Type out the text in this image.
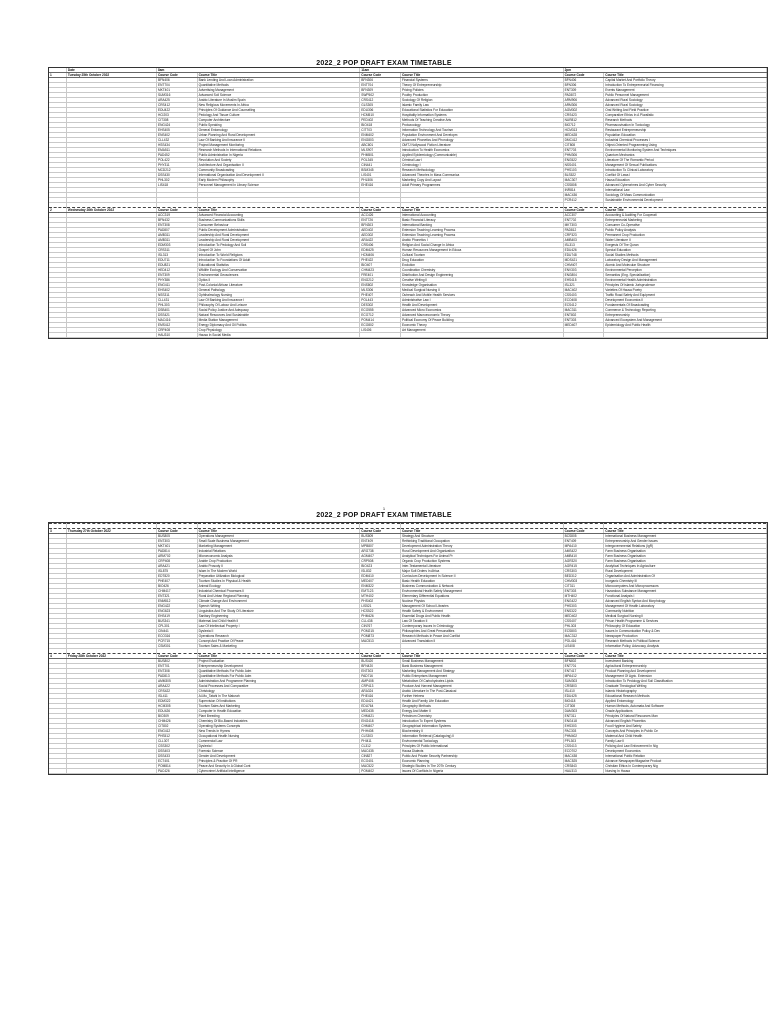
2022_2 POP DRAFT EXAM TIMETABLE
	Date	8am		11am		2pm	
1	Tuesday 25th October 2022	Course Code	Course Title	Course Code	Course Title	Course Code	Course Title
		BFN406	Bank Lending And Loan Administration	BFN306	Financial Systems	BFN406	Capital Market And Portfolio Theory
		ENT704	Quantitative Methods	ENT704	Theory Of Entrepreneurship	BFN306	Introduction To Entrepreneurial Financing
		MKT401	Advertising Management	BFN309	Pricing Policies	ENT309	Events Management
		SUM316	Advanced Soil Science	SWP502	Poultry Production	PAD872	Public Personnel Management
		ARA425	Arabic Literature In Muslim Spain	CRS412	Sociology Of Religion	ARM906	Advanced Rural Sociology
		CRS412	New Religious Movements In Africa	GLS305	Islamic Family Law	ARM306	Advanced Rural Sociology
		EDU422	Principles Of Guidance And Counselling	EDU306	Educational Statistics For Education	AGM302	Oral Writing And Field Practice
		HCI203	Pedology And Tissue Culture	HCM510	Hospitality Information Systems	CRS423	Comparative Ethics In A Pluralistic
		CIT308	Computer Architecture	PED402	Methods Of Teaching Creative Arts	NUR812	Research Methods
		ENG424	Public Speaking	BIO418	Protozoology	BIO712	Pharmacovisation In Toxicology
		EHS405	General Entomology	CIT703	Information Technology And Tourism	HCM313	Restaurant Entrepreneurship
		ENS402	Urban Planning And Rural Development	ENM402	Population Environment And Developm	MED428	Population Education
		CLL432	Law Of Banking And Insurance II	ENG803	Advanced Phonetics And Phonology	DMC412	Industrial Chemical Processes I
		HSS434	Project Management Monitoring	ABC801	OMTJ Nollywood Fiction Literature	CIT808	Object-Oriented Programming Using
		EMA511	Research Methods In International Relations	MLS907	Introduction To Health Economics	ENT703	Environmental Monitoring System And Techniques
		PAD452	Public Administration In Nigeria	PHM501	Applied Epidemiology (Communicable)	PHM306	Quantum Mechanics
		POL422	Revolution And Society	POL345	Criminal Law I	ENG522	Literature Of The Romantic Period
		PHY311	Architecture And Organisation II	CIN441	Criminology I	NSS401	Management Of Sexual Publications
		MCD212	Community Broadcasting	BSM345	Research Methodology	PHS103	Introduction To Clinical Laboratory
		DSS430	International Organization And Development II	LIS401	Advanced Theories In Mass Communica	BLS522	Conflict Of Laws I
		PHL302	Early Modern Philosophy	PHL506	Marketing Copy And Layout	MAC307	Hausa Education
		LIS418	Personnel Management In Library Science	EHE416	Adult Primary Programmes	CSS808	Advanced Cybercrimes And Cyber Security
						INR814	International Law
						MAC436	Sociology Of Mass Communication
						PCR412	Sustainable Environmental Development

2	Wednesday 26th October 2022	Course Code	Course Title	Course Code	Course Title	Course Code	Course Title
		ACC319	Advanced Financial Accounting	ACC426	International Accounting	ACC307	Accounting & Auditing For Cooperati
		BFN432	Business Communications Skills	ENT726	Basic Financial Literacy	ENT702	Entrepreneurial Marketing
		ENT308	Consumer Behaviour	BFN303	International Banking	MKT303	Consumer Co-Operative
		PAD807	Public Development Administration	AED402	Extension Teaching Learning Process	PAD812	Public Policy Analysis
		AMB311	Leadership And Rural Development	AED302	Extension Teaching Learning Process	CRP323	Permanent Crop Production
		AMB311	Leadership And Rural Development	ARA422	Arabic Phonetics I	AMB403	Water Literature II
		EDM303	Introduction To Pedology And Soil	CRS406	Religion And Social Change In Africa	ISL313	Exegesis Of The Quran
		CRS311	Gospel Of John	EDM425	Human Resources Management In Educa	EDU426	Special Education
		ISL313	Introduction To World Religions	HCM406	Cultural Tourism	EDU748	Social Studies Methods
		EDU711	Introduction To Foundations Of Adult	PHE422	Drug Education	MDS421	Laboratory Design And Management
		EDU821	Educational Statistics	BIO407	Evolution	CHM407	Atomic And Molecular Structure
		HED412	Wildlife Ecology And Conservation	CHM423	Coordination Chemistry	ENV303	Environmental Perception
		ENT309	Environmental Geosciences	FRE401	Distribution And Design Engineering	ENG804	Semantics (Eng. Specialization)
		PHY386	Optics II	ENG212	Creative Writing II	EHS415	Environmental Health Administration
		ENG411	Post-Colonial African Literature	ENS802	Knowledge Organisation	ISL321	Principles Of Islamic Jurisprudence
		EHS402	General Pathology	MLS306	Medical Surgical Nursing II	MAC402	Varieties Of Hausa Poetry
		NSS311	Ophthalmology Nursing	PHE407	Outreach And Mobile Health Services	CSS403	Traffic Road Safety And Equipment
		CLL431	Law Of Banking And Insurance I	POL443	Administrative Law I	ECO408	Development Economics II
		PHL303	Philosophy Of Labour And Leisure	DES302	Health And Development	ECS412	Fundamentals Of Broadcasting
		DSB401	Social Policy Justice And Adequacy	ECO555	Advanced Micro Economics	MAC311	Commerce & Technology Reporting
		DSS421	Natural Resources And Sustainable	ECO712	Advanced Macroeconomic Theory	ENT802	Entrepreneurship
		MAC416	Media Station Management	POM414	Political Economy Of Peace Building	ENT303	Advanced Ecosystem And Management
		EMS412	Energy Diplomacy And Oil Politics	ECO802	Economic Theory	MED407	Epidemiology And Public Health
		CRP408	Crop Physiology	LIS406	Art Management		
		HAU310	Hausa In Social Media				
1
2022_2 POP DRAFT EXAM TIMETABLE

3	Thursday 27th October 2022	Course Code	Course Title	Course Code	Course Title	Course Code	Course Title
		BUS805	Operations Management	BUS809	Strategy And Structure	BCS805	International Business Management
		ENT303	Small Scale Business Management	ENT409	Rethinking Traditional Occupation	ENT409	Entrepreneurship And Gender Issues
		MKT401	Marketing Management	MPB807	Development Administration Theory	MPA410	Intergovernmental Relations (IgR)
		PAD814	Industrial Relations	ARG738	Rural Development And Organization	AMS422	Farm Business Organisation
		ARM702	Microeconomic Analysis	AGM407	Analytical Techniques For Animal Pr	AMB410	Farm Business Organisation
		CRP408	Arable Crop Production	CRP508	Organic Crop Production Systems	AGR320	Farm Business Organisation
		ARA421	Arabic Prosody II	BIO423	Inter-Testamental Literature	AGR415	Analytical Techniques In Agriculture
		ISL875	Islam In The Modern World	ISL832	Major Sufi Orders In Africa	CRS303	Rural Development
		EDT820	Preparation Utilization Biological	EDM410	Curriculum Development In Science II	BED312	Organisation And Administration Of
		PHE407	Tourism Studies In Physical & Health	MED407	Basic Health Education	CHM303	Inorganic Chemistry III
		BIO426	Animal Ecology	ENM322	Business Communication & Network	CIT311	Microcomputers And Microprocessors
		CHM417	Industrial Chemical Processes II	EMT123	Environmental Health Safety Management	ENT303	Hazardous Substance Management
		ENT321	Rural And Urban Regional Planning	MTH402	Elementary Differential Equations	MTH402	Functional Analysis I
		ENM812	Climate Change And Environment	PHS402	Nuclear Physics	ENG422	Advanced English Syntax And Morphology
		ENG422	Speech Writing	LIS521	Management Of School Libraries	PHS303	Management Of Health Laboratory
		ENG623	Linguistics And The Study Of Literature	HCS522	Health Safety & Environment	ENS322	Community Nutrition
		EHS419	Sanitary Engineering	PHM426	Essential Drugs And Public Health	MED402	Medical Surgical Nursing II
		BUS341	Maternal And Child Health II	CLL438	Law Of Taxation II	CSS407	Prison Health Programme & Services
		CPL301	Law Of Intellectual Property I	CIN767	Contemporary Issues In Criminology	PHL303	Philosophy Of Education
		CIN441	Dyslexia II	POM215	Philosophies And Great Personalities	ECS803	Issues In Communication Policy & Dev
		ECO316	Operations Research	POM873	Research Methods In Peace And Conflict	MAC312	Newspaper Production
		PCR715	Concept And Practice Of Peace	MAC513	Advanced Translation II	POL416	Research Methods In Political Science
		CSM301	Tourism Sales & Marketing			LIS408	Information Policy, Advocacy, Analysis

4	Friday 28th October 2022	Course Code	Course Title	Course Code	Course Title	Course Code	Course Title
		BUS802	Project Evaluation	BUS420	Small Business Management	BFN802	Investment Banking
		ENT701	Entrepreneurship Development	BFN420	Bank Business Management	ENT701	Agricultural Entrepreneurship
		ENT308	Quantitative Methods For Public Adm	ENT303	Marketing Management And Strategy	ENT417	Product Planning And Development
		PAD813	Quantitative Methods For Public Adm	PAD716	Public Enterprises Management	MPA412	Management Of Agric. Extension
		AMM305	Administration And Programme Planning	AMP408	Metabolism Of Carbohydrates Lipids	SUM303	Introduction To Pedology And Soil Classification
		ARA422	Social Processes And Comparative	CRP413	Produce And Harvest Management	CRS803	Graduate Theological Writing
		CRS422	Christology	ARA324	Arabic Literature In The Post-Classical	ISL410	Islamic Historiography
		ISL411	Al-Mu_Tatahi In The Maturah	PHE416	Further Hebrew	EDU425	Educational Research Methods
		EDM322	Supervision Of Institutions	EDU421	Health And Family Life Education	BIO418	Applied Entomology
		HCM305	Tourism Sales And Marketing	EDU764	Geography Methods	CIT308	Human Methods, Automata And Software
		EDU426	Computer In Health Education	MED435	Energy And Matter II	DAM303	Oracle Applications
		BIO309	Plant Breeding	CHM421	Petroleum Chemistry	ENT311	Principles Of Natural Resources Man
		CHM426	Chemistry Of Bio-Based Industries	ENG418	Introduction To Expert Systems	ENG418	Advanced English Phonetics
		CIT802	Operating Systems Concepts	CHM407	Geographical Information Systems	EHS303	Food Hygiene And Safety
		ENG412	New Trends In Hymns	PHH408	Biochemistry II	PAC303	Concepts And Principles In Public Ce
		PHS512	Occupational Health Nursing	CLS303	Information Retrieval (Cataloguing) II	PHM402	Maternal And Child Health
		CLL307	Commercial Law	PHI411	Environmental Toxicology	PPL303	Family Law II
		CSS302	Dyslexia I	CL312	Principles Of Public International	CSS413	Policing And Law Enforcement In Nig
		DSS403	Forensic Science	MAC435	Hausa Dialects	ECO702	Development Economics
		DSS433	Gender And Development	CIN827	Public And Private Security Partnership	MAC438	International Public Relation
		ECT401	Principles & Practice Of PR	ECO401	Economic Planning	MAC525	Advance Newspaper/Magazine Product
		POM814	Peace And Security In A Global Cont	MAC522	Strategic Studies In The 20Th Century	CRS843	Christian Ethics In Contemporary Nig
		PAC426	Cybercrime/ Artificial Intelligence	POM402	Issues Of Conflicts In Nigeria	HAU313	Nursing In Hausa
